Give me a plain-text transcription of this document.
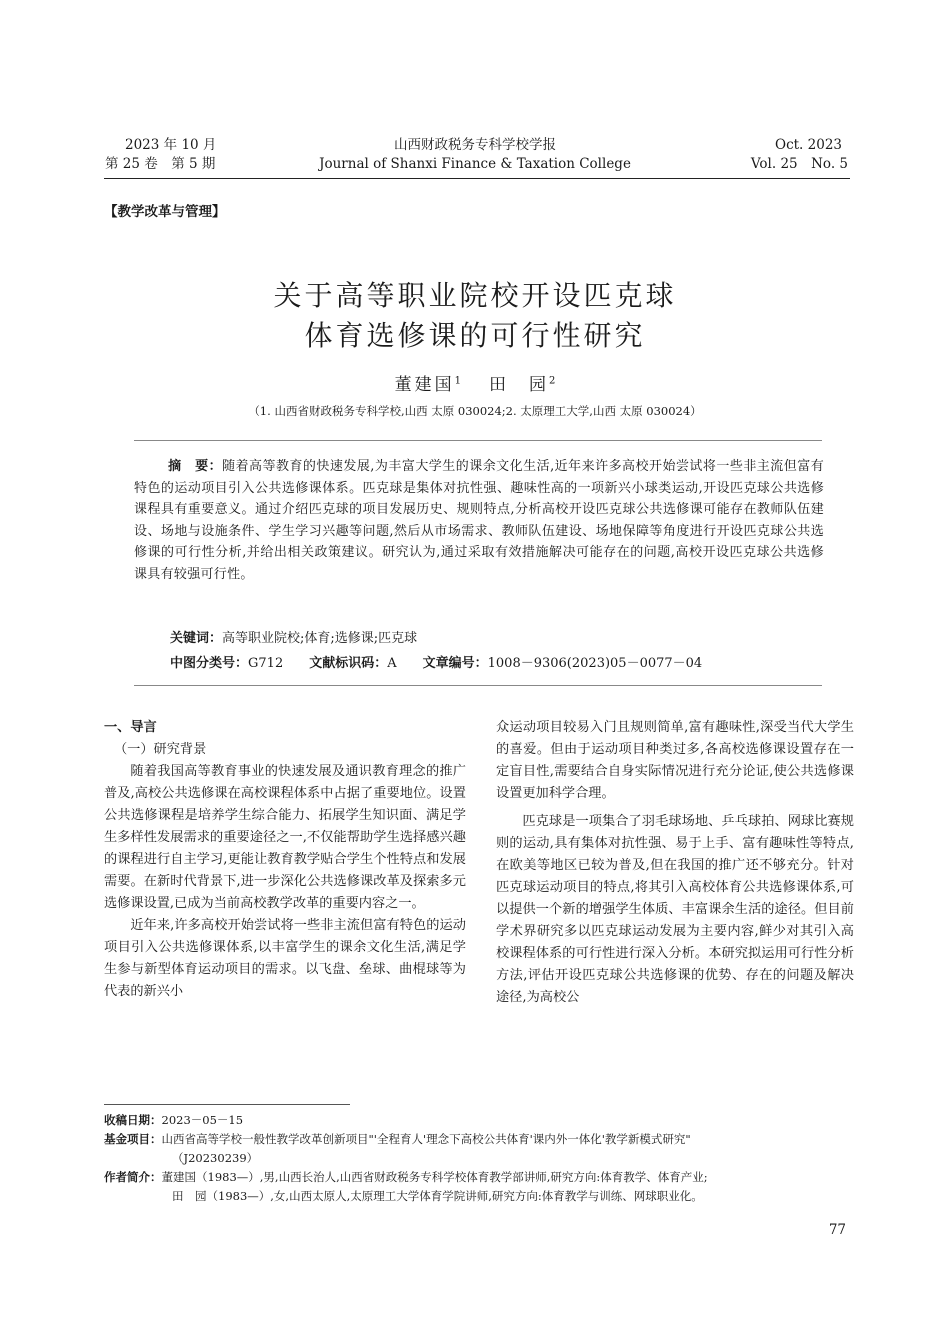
2023 年 10 月
第 25 卷　第 5 期
山西财政税务专科学校学报
Journal of Shanxi Finance & Taxation College
Oct. 2023
Vol. 25　No. 5
【教学改革与管理】
关于高等职业院校开设匹克球
体育选修课的可行性研究
董建国$^1$ 田　园$^2$
（1. 山西省财政税务专科学校,山西 太原 030024;2. 太原理工大学,山西 太原 030024）
摘　要：随着高等教育的快速发展,为丰富大学生的课余文化生活,近年来许多高校开始尝试将一些非主流但富有特色的运动项目引入公共选修课体系。匹克球是集体对抗性强、趣味性高的一项新兴小球类运动,开设匹克球公共选修课程具有重要意义。通过介绍匹克球的项目发展历史、规则特点,分析高校开设匹克球公共选修课可能存在教师队伍建设、场地与设施条件、学生学习兴趣等问题,然后从市场需求、教师队伍建设、场地保障等角度进行开设匹克球公共选修课的可行性分析,并给出相关政策建议。研究认为,通过采取有效措施解决可能存在的问题,高校开设匹克球公共选修课具有较强可行性。
关键词：高等职业院校;体育;选修课;匹克球
中图分类号：G712 文献标识码：A 文章编号：1008－9306(2023)05－0077－04

一、导言

（一）研究背景

随着我国高等教育事业的快速发展及通识教育理念的推广普及,高校公共选修课在高校课程体系中占据了重要地位。设置公共选修课程是培养学生综合能力、拓展学生知识面、满足学生多样性发展需求的重要途径之一,不仅能帮助学生选择感兴趣的课程进行自主学习,更能让教育教学贴合学生个性特点和发展需要。在新时代背景下,进一步深化公共选修课改革及探索多元选修课设置,已成为当前高校教学改革的重要内容之一。

近年来,许多高校开始尝试将一些非主流但富有特色的运动项目引入公共选修课体系,以丰富学生的课余文化生活,满足学生参与新型体育运动项目的需求。以飞盘、垒球、曲棍球等为代表的新兴小

众运动项目较易入门且规则简单,富有趣味性,深受当代大学生的喜爱。但由于运动项目种类过多,各高校选修课设置存在一定盲目性,需要结合自身实际情况进行充分论证,使公共选修课设置更加科学合理。

匹克球是一项集合了羽毛球场地、乒乓球拍、网球比赛规则的运动,具有集体对抗性强、易于上手、富有趣味性等特点,在欧美等地区已较为普及,但在我国的推广还不够充分。针对匹克球运动项目的特点,将其引入高校体育公共选修课体系,可以提供一个新的增强学生体质、丰富课余生活的途径。但目前学术界研究多以匹克球运动发展为主要内容,鲜少对其引入高校课程体系的可行性进行深入分析。本研究拟运用可行性分析方法,评估开设匹克球公共选修课的优势、存在的问题及解决途径,为高校公

收稿日期： 2023－05－15
基金项目： 山西省高等学校一般性教学改革创新项目"'全程育人'理念下高校公共体育'课内外一体化'教学新模式研究"
（J20230239）
作者简介： 董建国（1983—）,男,山西长治人,山西省财政税务专科学校体育教学部讲师,研究方向:体育教学、体育产业;
田　园（1983—）,女,山西太原人,太原理工大学体育学院讲师,研究方向:体育教学与训练、网球职业化。
77
